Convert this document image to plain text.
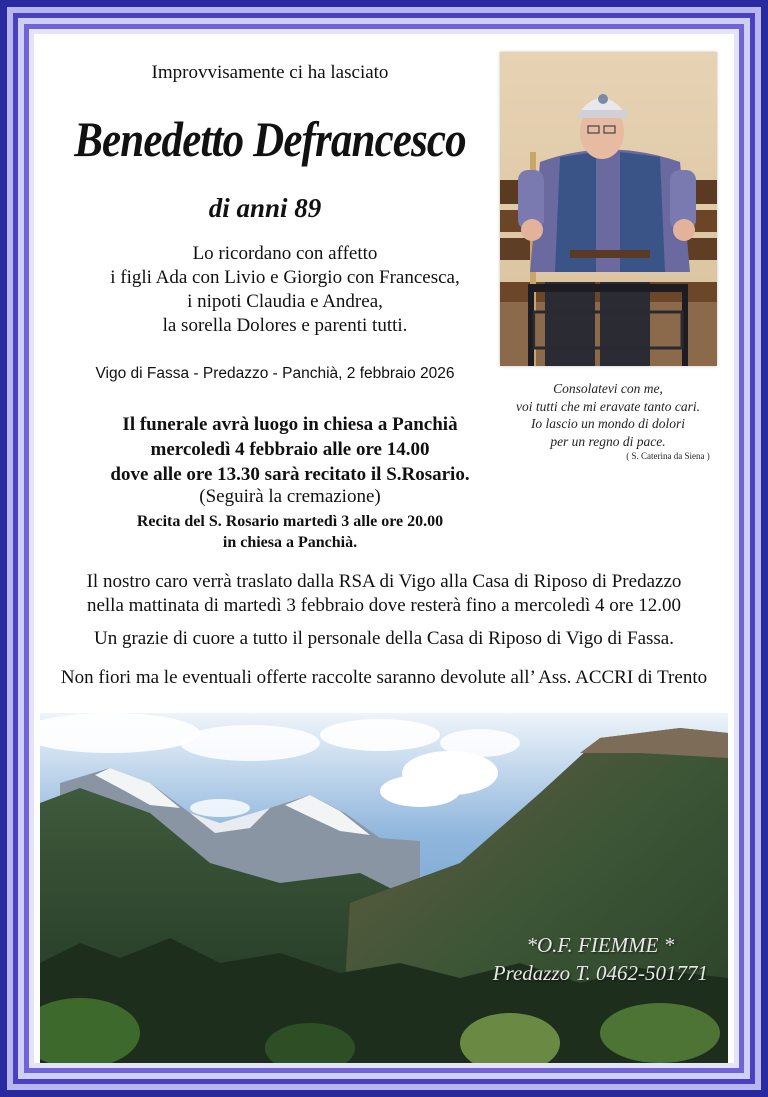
Improvvisamente ci ha lasciato
Benedetto Defrancesco
di anni 89
Lo ricordano con affetto
i figli Ada con Livio e Giorgio con Francesca,
i nipoti Claudia e Andrea,
la sorella Dolores e parenti tutti.
Vigo di Fassa - Predazzo - Panchià, 2 febbraio 2026
Il funerale avrà luogo in chiesa a Panchià
mercoledì 4 febbraio alle ore 14.00
dove alle ore 13.30 sarà recitato il S.Rosario.
(Seguirà la cremazione)
Recita del S. Rosario martedì 3 alle ore 20.00
in chiesa a Panchià.
Il nostro caro verrà traslato dalla RSA di Vigo alla Casa di Riposo di Predazzo
nella mattinata di martedì 3 febbraio dove resterà fino a mercoledì 4 ore 12.00
Un grazie di cuore a tutto il personale della Casa di Riposo di Vigo di Fassa.
Non fiori ma le eventuali offerte raccolte saranno devolute all’ Ass. ACCRI di Trento
Consolatevi con me,
voi tutti che mi eravate tanto cari.
Io lascio un mondo di dolori
per un regno di pace.
( S. Caterina da Siena )
*O.F. FIEMME *
Predazzo T. 0462-501771
